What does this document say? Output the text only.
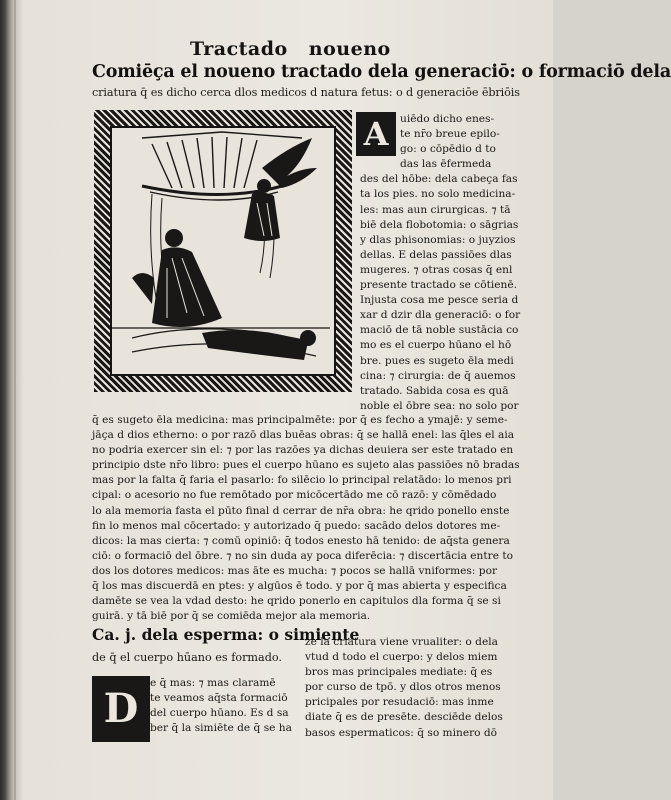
Tractado noueno
Comiēça el noueno tractado dela generaciō: o formaciō dela
criatura q̄ es dicho cerca dlos medicos d natura fetus: o d generaciōe ēbriōis
A	uiēdo dicho enes-
te nr̄o breue epilo-
go: o cōpēdio d to
das las ēfermeda
des del hōbe: dela cabeça fas
ta los pies. no solo medicina-
les: mas aun cirurgicas. ⁊ tā
biē dela flobotomia: o sāgrias
y dlas phisonomias: o juyzios
dellas. E delas passiōes dlas
mugeres. ⁊ otras cosas q̄ enl
presente tractado se cōtienē.
Injusta cosa me pesce seria d
xar d dzir dla generaciō: o for
maciō de tā noble sustācia co
mo es el cuerpo hūano el hō
bre. pues es sugeto ēla medi
cina: ⁊ cirurgia: de q̄ auemos
tratado. Sabida cosa es quā
noble el ōbre sea: no solo por
q̄ es sugeto ēla medicina: mas principalmēte: por q̄ es fecho a ymajē: y seme-
jāça d dios etherno: o por razō dlas buēas obras: q̄ se hallā enel: las q̄les el aia
no podria exercer sin el: ⁊ por las razōes ya dichas deuiera ser este tratado en
principio dste nr̄o libro: pues el cuerpo hūano es sujeto alas passiōes nō bradas
mas por la falta q̄ faria el pasarlo: fo silēcio lo principal relatādo: lo menos pri
cipal: o acesorio no fue remōtado por micōcertādo me cō razō: y cōmēdado
lo ala memoria fasta el pūto final d cerrar de nr̄a obra: he qrido ponello enste
fin lo menos mal cōcertado: y autorizado q̄ puedo: sacādo delos dotores me-
dicos: la mas cierta: ⁊ comū opiniō: q̄ todos enesto hā tenido: de aq̄sta genera
ciō: o formaciō del ōbre. ⁊ no sin duda ay poca diferēcia: ⁊ discertācia entre to
dos los dotores medicos: mas āte es mucha: ⁊ pocos se hallā vniformes: por
q̄ los mas discuerdā en ptes: y algūos ē todo. y por q̄ mas abierta y especifica
damēte se vea la vdad desto: he qrido ponerlo en capitulos dla forma q̄ se si
guirā. y tā biē por q̄ se comiēda mejor ala memoria.
Ca. j. dela esperma: o simiente
de q̄ el cuerpo hūano es formado.
D
e q̄ mas: ⁊ mas claramē
te veamos aq̄sta formaciō
del cuerpo hūano. Es d sa
ber q̄ la simiēte de q̄ se ha
ze la criatura viene vrualiter: o dela
vtud d todo el cuerpo: y delos miem
bros mas principales mediate: q̄ es
por curso de tpō. y dlos otros menos
pricipales por resudaciō: mas inme
diate q̄ es de presēte. desciēde delos
basos espermaticos: q̄ so minero dō
